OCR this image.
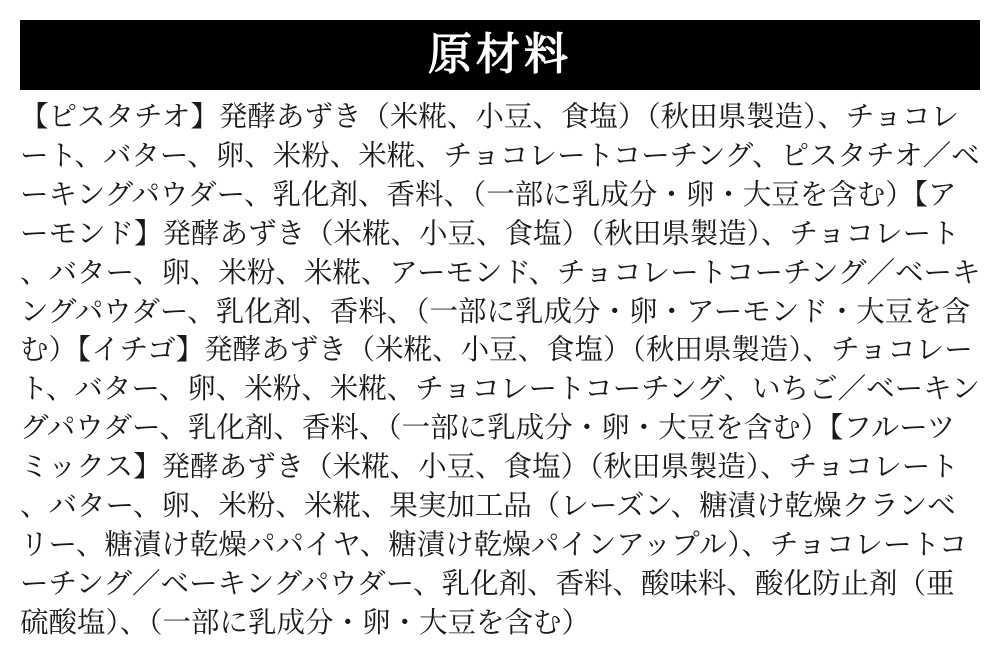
原材料

【ピスタチオ】発酵あずき（米糀、小豆、食塩）（秋田県製造）、チョコレート、バター、卵、米粉、米糀、チョコレートコーチング、ピスタチオ／ベーキングパウダー、乳化剤、香料、（一部に乳成分・卵・大豆を含む）【アーモンド】発酵あずき（米糀、小豆、食塩）（秋田県製造）、チョコレート、バター、卵、米粉、米糀、アーモンド、チョコレートコーチング／ベーキングパウダー、乳化剤、香料、（一部に乳成分・卵・アーモンド・大豆を含む）【イチゴ】発酵あずき（米糀、小豆、食塩）（秋田県製造）、チョコレート、バター、卵、米粉、米糀、チョコレートコーチング、いちご／ベーキングパウダー、乳化剤、香料、（一部に乳成分・卵・大豆を含む）【フルーツミックス】発酵あずき（米糀、小豆、食塩）（秋田県製造）、チョコレート、バター、卵、米粉、米糀、果実加工品（レーズン、糖漬け乾燥クランベリー、糖漬け乾燥パパイヤ、糖漬け乾燥パインアップル）、チョコレートコーチング／ベーキングパウダー、乳化剤、香料、酸味料、酸化防止剤（亜硫酸塩）、（一部に乳成分・卵・大豆を含む）
